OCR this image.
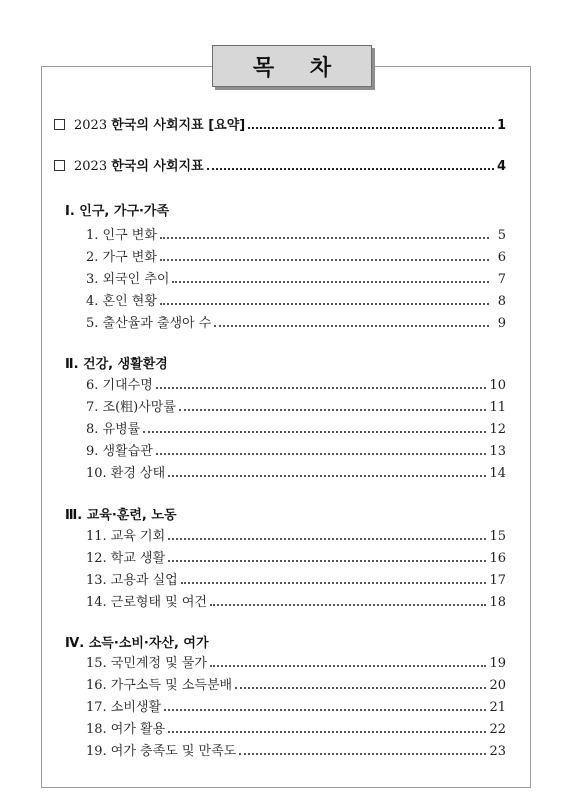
목 차
2023 한국의 사회지표 [요약]	1
2023 한국의 사회지표	4
Ⅰ. 인구, 가구·가족
1. 인구 변화	5
2. 가구 변화	6
3. 외국인 추이	7
4. 혼인 현황	8
5. 출산율과 출생아 수	9
Ⅱ. 건강, 생활환경
6. 기대수명	10
7. 조(粗)사망률	11
8. 유병률	12
9. 생활습관	13
10. 환경 상태	14
Ⅲ. 교육·훈련, 노동
11. 교육 기회	15
12. 학교 생활	16
13. 고용과 실업	17
14. 근로형태 및 여건	18
Ⅳ. 소득·소비·자산, 여가
15. 국민계정 및 물가	19
16. 가구소득 및 소득분배	20
17. 소비생활	21
18. 여가 활용	22
19. 여가 충족도 및 만족도	23
